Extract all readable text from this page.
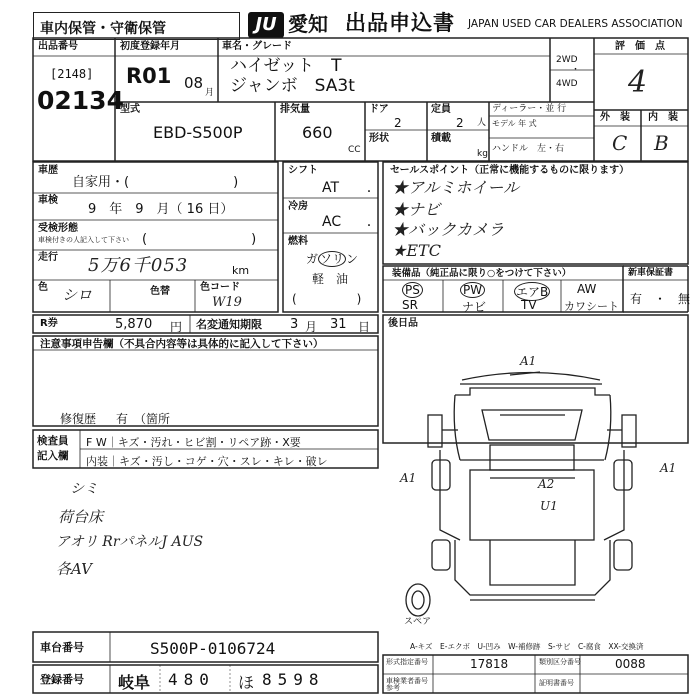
車内保管・守衛保管	JU 愛知 出品申込書 JAPAN USED CAR DEALERS ASSOCIATION
出品番号
[2148]
02134
初度登録年月
R01 08
月
車名・グレード
ハイゼット　T
ジャンボ　SA3t
2WD
・
4WD
評　価　点
4
外　装 内　装
C B
型式
EBD-S500P
排気量
660
CC
ドア
2
形状
定員
2 人
積載
kg
ディーラー・並 行
モデル 年 式
ハンドル　左・右
車歴
自家用・(　　　　　　　　)
車検
9　年　9　月（ 16 日）
受検形態
車検付きの人記入して下さい (　　　　　　　　)
走行 5万6千053	km
色 シロ	色替	色コード
W19
シフト
AT ・
冷房
AC ・
燃料
ガ ソリ ン
軽　油
(　　　　　)
セールスポイント（正常に機能するものに限ります）
★アルミホイール
★ナビ
★バックカメラ
★ETC
装備品（純正品に限り○をつけて下さい）
PS	PW	エアB AW
SR	ナビ	TV カワシート
新車保証書
有　・　無
R券	5,870 円 名変通知期限 3 月 31 日 後日品
注意事項申告欄（不具合内容等は具体的に記入して下さい）
修復歴 有　（箇所
検査員 記入欄
F W｜キズ・汚れ・ヒビ割・リペア跡・X要
内装｜キズ・汚し・コゲ・穴・スレ・キレ・破レ
シミ
荷台床
アオリ RrパネルJ AUS
各AV
A1
A1
A1
A2
U1
スペア
A-キズ　E-エクボ　U-凹み　W-補修跡　S-サビ　C-腐食　XX-交換済
車台番号	S500P-0106724
登録番号 岐阜 480 ほ 8598
形式指定番号	17818	類別区分番号	0088
車検業者番号 参考
証明書番号
